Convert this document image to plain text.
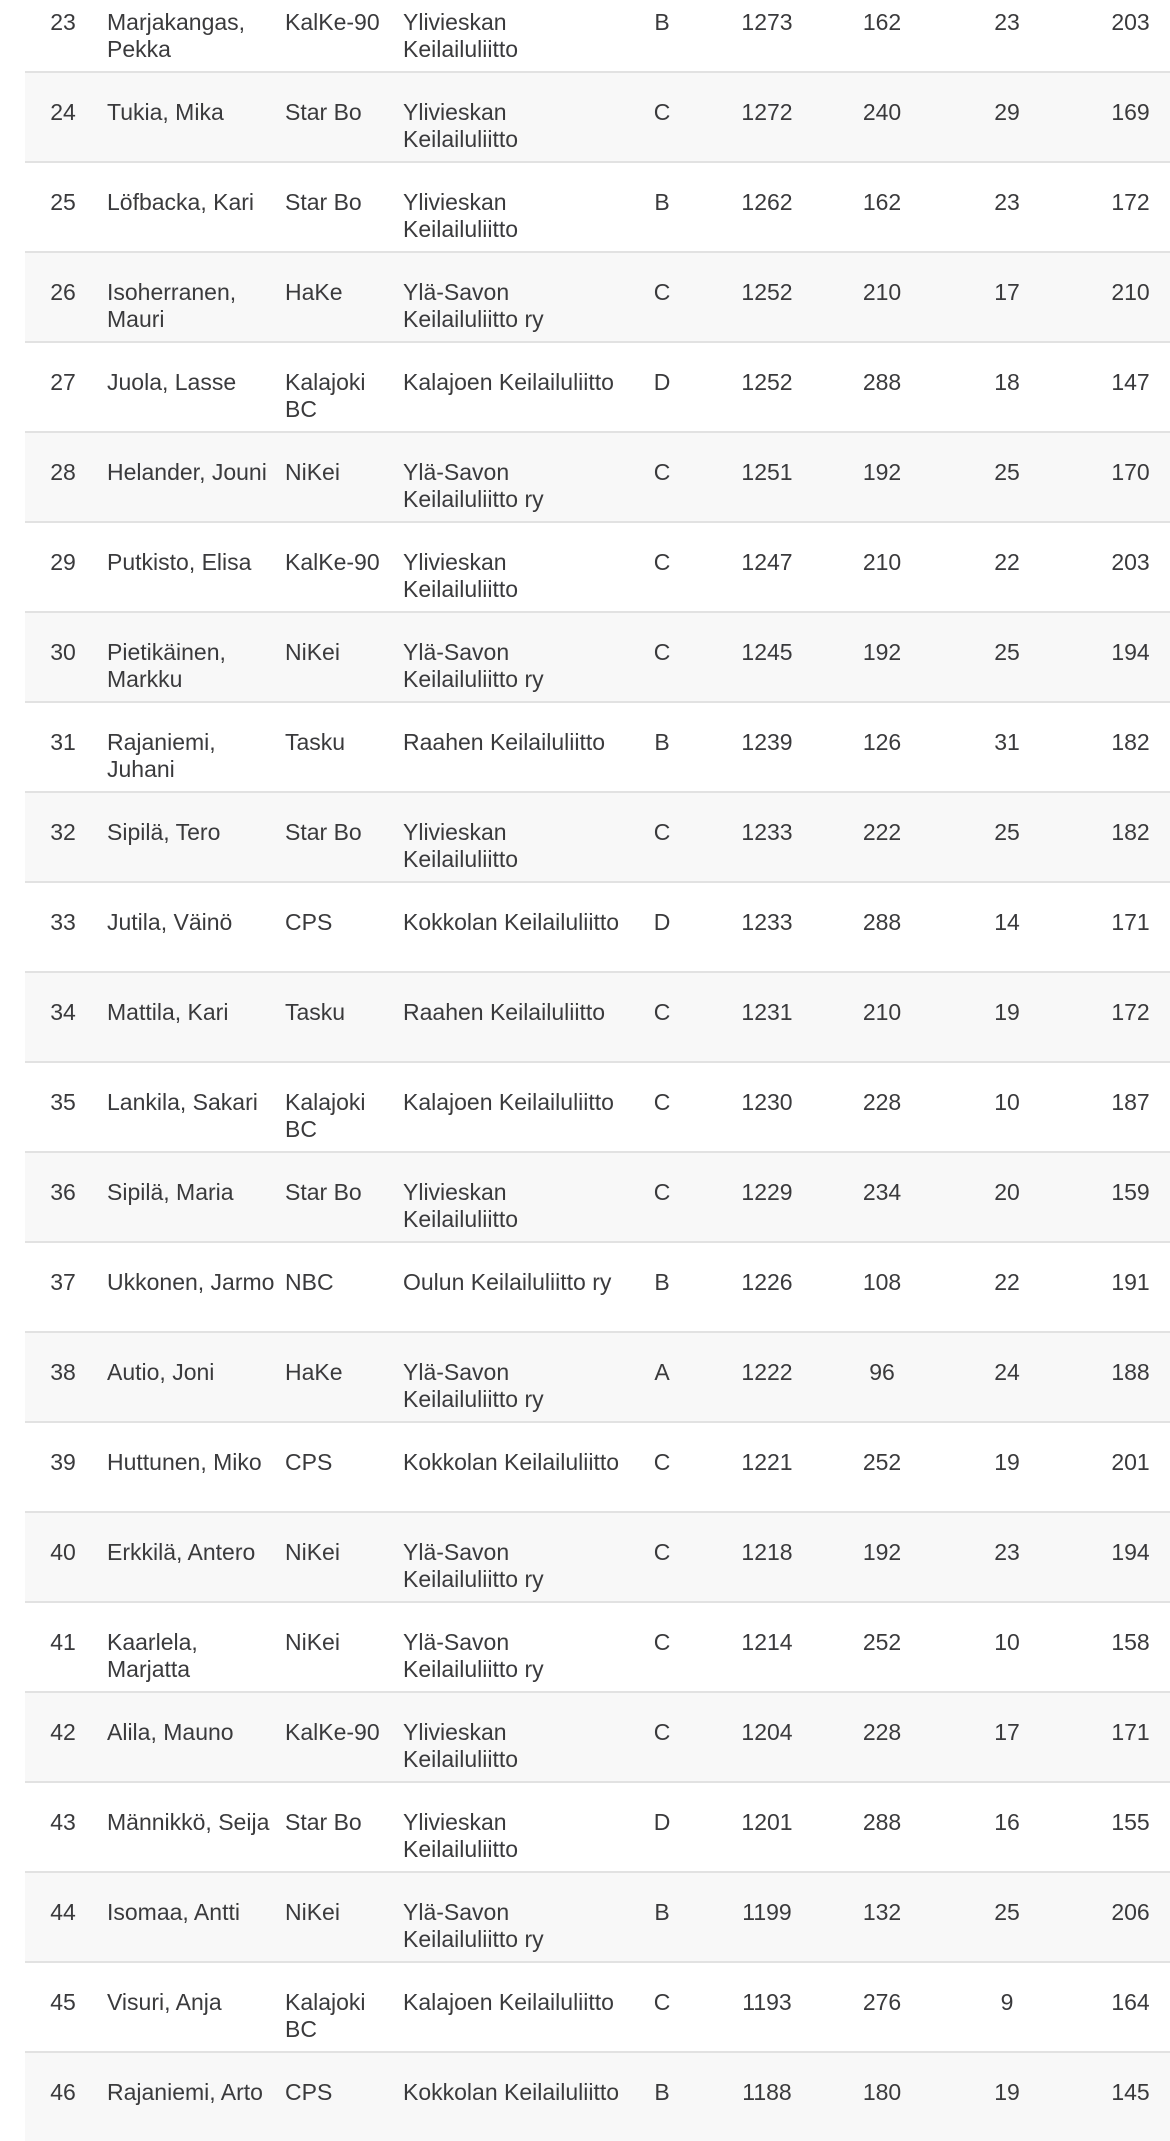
23	Marjakangas, Pekka	KalKe-90	Ylivieskan Keilailuliitto	B	1273	162	23	203

24	Tukia, Mika	Star Bo	Ylivieskan Keilailuliitto	C	1272	240	29	169

25	Löfbacka, Kari	Star Bo	Ylivieskan Keilailuliitto	B	1262	162	23	172

26	Isoherranen, Mauri	HaKe	Ylä-Savon Keilailuliitto ry	C	1252	210	17	210

27	Juola, Lasse	Kalajoki BC	Kalajoen Keilailuliitto	D	1252	288	18	147

28	Helander, Jouni	NiKei	Ylä-Savon Keilailuliitto ry	C	1251	192	25	170

29	Putkisto, Elisa	KalKe-90	Ylivieskan Keilailuliitto	C	1247	210	22	203

30	Pietikäinen, Markku	NiKei	Ylä-Savon Keilailuliitto ry	C	1245	192	25	194

31	Rajaniemi, Juhani	Tasku	Raahen Keilailuliitto	B	1239	126	31	182

32	Sipilä, Tero	Star Bo	Ylivieskan Keilailuliitto	C	1233	222	25	182

33	Jutila, Väinö	CPS	Kokkolan Keilailuliitto	D	1233	288	14	171

34	Mattila, Kari	Tasku	Raahen Keilailuliitto	C	1231	210	19	172

35	Lankila, Sakari	Kalajoki BC	Kalajoen Keilailuliitto	C	1230	228	10	187

36	Sipilä, Maria	Star Bo	Ylivieskan Keilailuliitto	C	1229	234	20	159

37	Ukkonen, Jarmo	NBC	Oulun Keilailuliitto ry	B	1226	108	22	191

38	Autio, Joni	HaKe	Ylä-Savon Keilailuliitto ry	A	1222	96	24	188

39	Huttunen, Miko	CPS	Kokkolan Keilailuliitto	C	1221	252	19	201

40	Erkkilä, Antero	NiKei	Ylä-Savon Keilailuliitto ry	C	1218	192	23	194

41	Kaarlela, Marjatta	NiKei	Ylä-Savon Keilailuliitto ry	C	1214	252	10	158

42	Alila, Mauno	KalKe-90	Ylivieskan Keilailuliitto	C	1204	228	17	171

43	Männikkö, Seija	Star Bo	Ylivieskan Keilailuliitto	D	1201	288	16	155

44	Isomaa, Antti	NiKei	Ylä-Savon Keilailuliitto ry	B	1199	132	25	206

45	Visuri, Anja	Kalajoki BC	Kalajoen Keilailuliitto	C	1193	276	9	164

46	Rajaniemi, Arto	CPS	Kokkolan Keilailuliitto	B	1188	180	19	145
